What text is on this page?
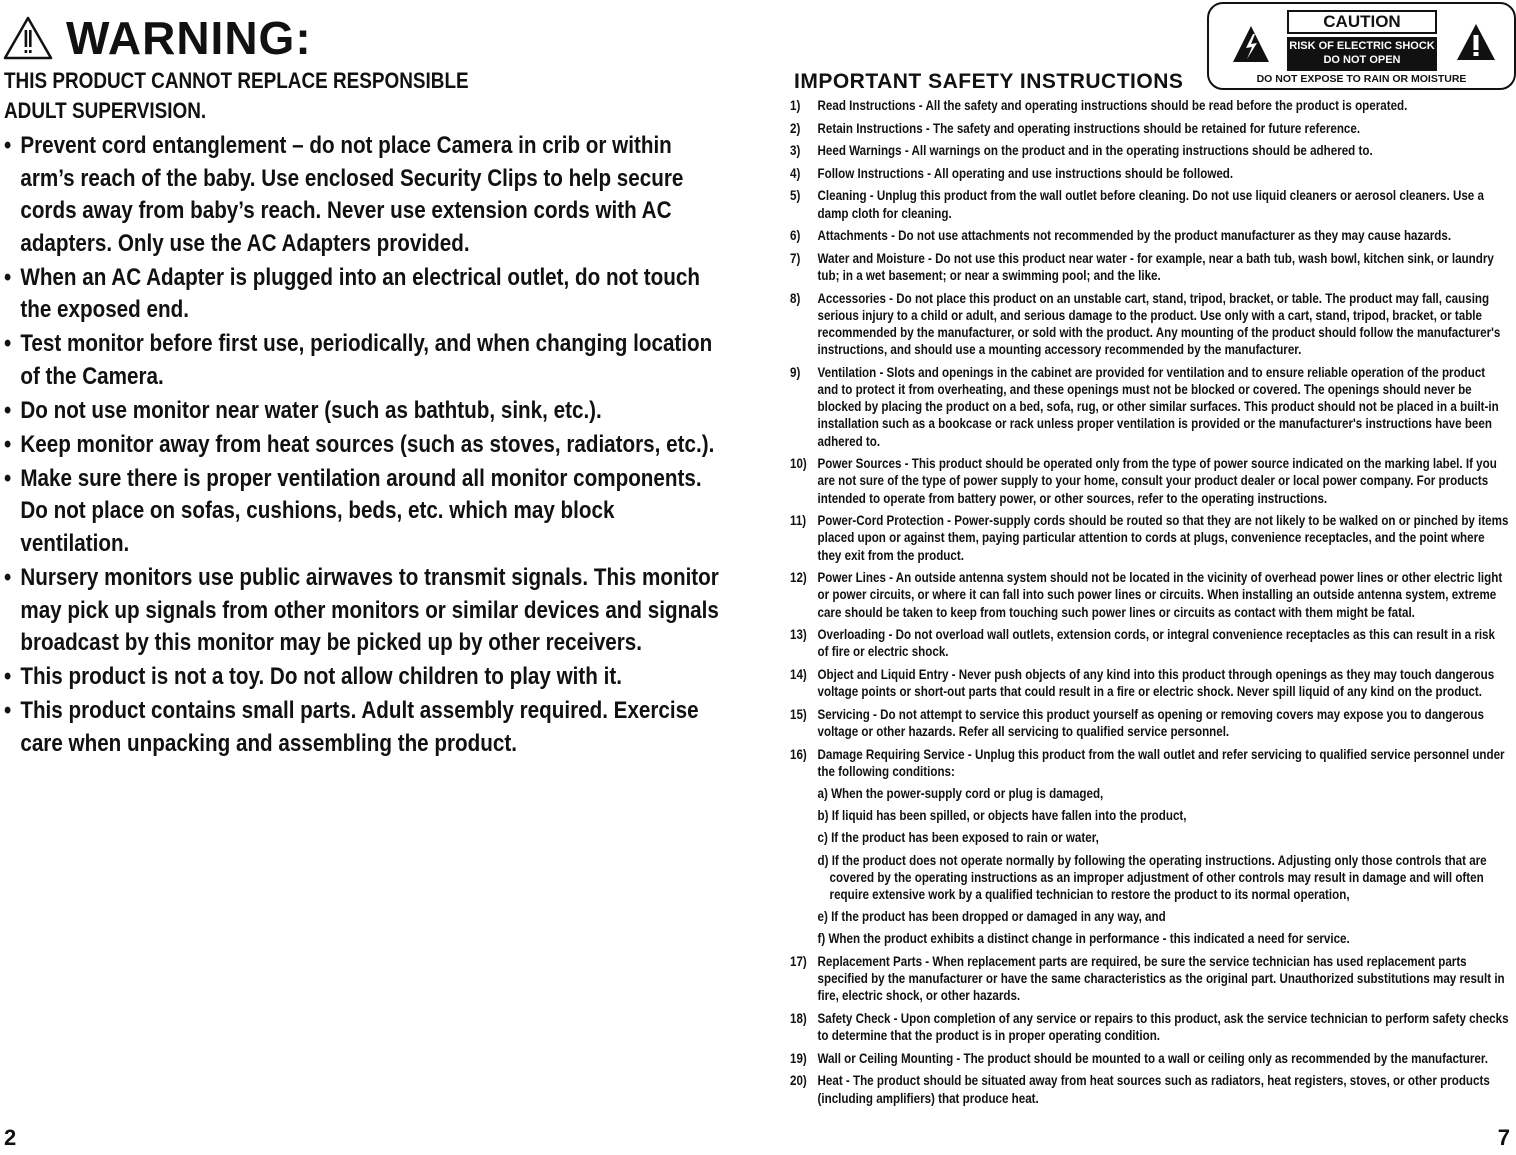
WARNING:
THIS PRODUCT CANNOT REPLACE RESPONSIBLE
ADULT SUPERVISION.
• Prevent cord entanglement – do not place Camera in crib or within arm’s reach of the baby. Use enclosed Security Clips to help secure cords away from baby’s reach. Never use extension cords with AC adapters. Only use the AC Adapters provided.
• When an AC Adapter is plugged into an electrical outlet, do not touch the exposed end.
• Test monitor before first use, periodically, and when changing location of the Camera.
• Do not use monitor near water (such as bathtub, sink, etc.).
• Keep monitor away from heat sources (such as stoves, radiators, etc.).
• Make sure there is proper ventilation around all monitor components. Do not place on sofas, cushions, beds, etc. which may block ventilation.
• Nursery monitors use public airwaves to transmit signals. This monitor may pick up signals from other monitors or similar devices and signals broadcast by this monitor may be picked up by other receivers.
• This product is not a toy. Do not allow children to play with it.
• This product contains small parts. Adult assembly required. Exercise care when unpacking and assembling the product.
2
CAUTION
RISK OF ELECTRIC SHOCK
DO NOT OPEN
DO NOT EXPOSE TO RAIN OR MOISTURE
IMPORTANT SAFETY INSTRUCTIONS
1) Read Instructions - All the safety and operating instructions should be read before the product is operated.
2) Retain Instructions - The safety and operating instructions should be retained for future reference.
3) Heed Warnings - All warnings on the product and in the operating instructions should be adhered to.
4) Follow Instructions - All operating and use instructions should be followed.
5) Cleaning - Unplug this product from the wall outlet before cleaning. Do not use liquid cleaners or aerosol cleaners. Use a damp cloth for cleaning.
6) Attachments - Do not use attachments not recommended by the product manufacturer as they may cause hazards.
7) Water and Moisture - Do not use this product near water - for example, near a bath tub, wash bowl, kitchen sink, or laundry tub; in a wet basement; or near a swimming pool; and the like.
8) Accessories - Do not place this product on an unstable cart, stand, tripod, bracket, or table. The product may fall, causing serious injury to a child or adult, and serious damage to the product. Use only with a cart, stand, tripod, bracket, or table recommended by the manufacturer, or sold with the product. Any mounting of the product should follow the manufacturer's instructions, and should use a mounting accessory recommended by the manufacturer.
9) Ventilation - Slots and openings in the cabinet are provided for ventilation and to ensure reliable operation of the product and to protect it from overheating, and these openings must not be blocked or covered. The openings should never be blocked by placing the product on a bed, sofa, rug, or other similar surfaces. This product should not be placed in a built-in installation such as a bookcase or rack unless proper ventilation is provided or the manufacturer's instructions have been adhered to.
10) Power Sources - This product should be operated only from the type of power source indicated on the marking label. If you are not sure of the type of power supply to your home, consult your product dealer or local power company. For products intended to operate from battery power, or other sources, refer to the operating instructions.
11) Power-Cord Protection - Power-supply cords should be routed so that they are not likely to be walked on or pinched by items placed upon or against them, paying particular attention to cords at plugs, convenience receptacles, and the point where they exit from the product.
12) Power Lines - An outside antenna system should not be located in the vicinity of overhead power lines or other electric light or power circuits, or where it can fall into such power lines or circuits. When installing an outside antenna system, extreme care should be taken to keep from touching such power lines or circuits as contact with them might be fatal.
13) Overloading - Do not overload wall outlets, extension cords, or integral convenience receptacles as this can result in a risk of fire or electric shock.
14) Object and Liquid Entry - Never push objects of any kind into this product through openings as they may touch dangerous voltage points or short-out parts that could result in a fire or electric shock. Never spill liquid of any kind on the product.
15) Servicing - Do not attempt to service this product yourself as opening or removing covers may expose you to dangerous voltage or other hazards. Refer all servicing to qualified service personnel.
16) Damage Requiring Service - Unplug this product from the wall outlet and refer servicing to qualified service personnel under the following conditions:
a) When the power-supply cord or plug is damaged,
b) If liquid has been spilled, or objects have fallen into the product,
c) If the product has been exposed to rain or water,
d) If the product does not operate normally by following the operating instructions. Adjusting only those controls that are covered by the operating instructions as an improper adjustment of other controls may result in damage and will often require extensive work by a qualified technician to restore the product to its normal operation,
e) If the product has been dropped or damaged in any way, and
f) When the product exhibits a distinct change in performance - this indicated a need for service.
17) Replacement Parts - When replacement parts are required, be sure the service technician has used replacement parts specified by the manufacturer or have the same characteristics as the original part. Unauthorized substitutions may result in fire, electric shock, or other hazards.
18) Safety Check - Upon completion of any service or repairs to this product, ask the service technician to perform safety checks to determine that the product is in proper operating condition.
19) Wall or Ceiling Mounting - The product should be mounted to a wall or ceiling only as recommended by the manufacturer.
20) Heat - The product should be situated away from heat sources such as radiators, heat registers, stoves, or other products (including amplifiers) that produce heat.
7
